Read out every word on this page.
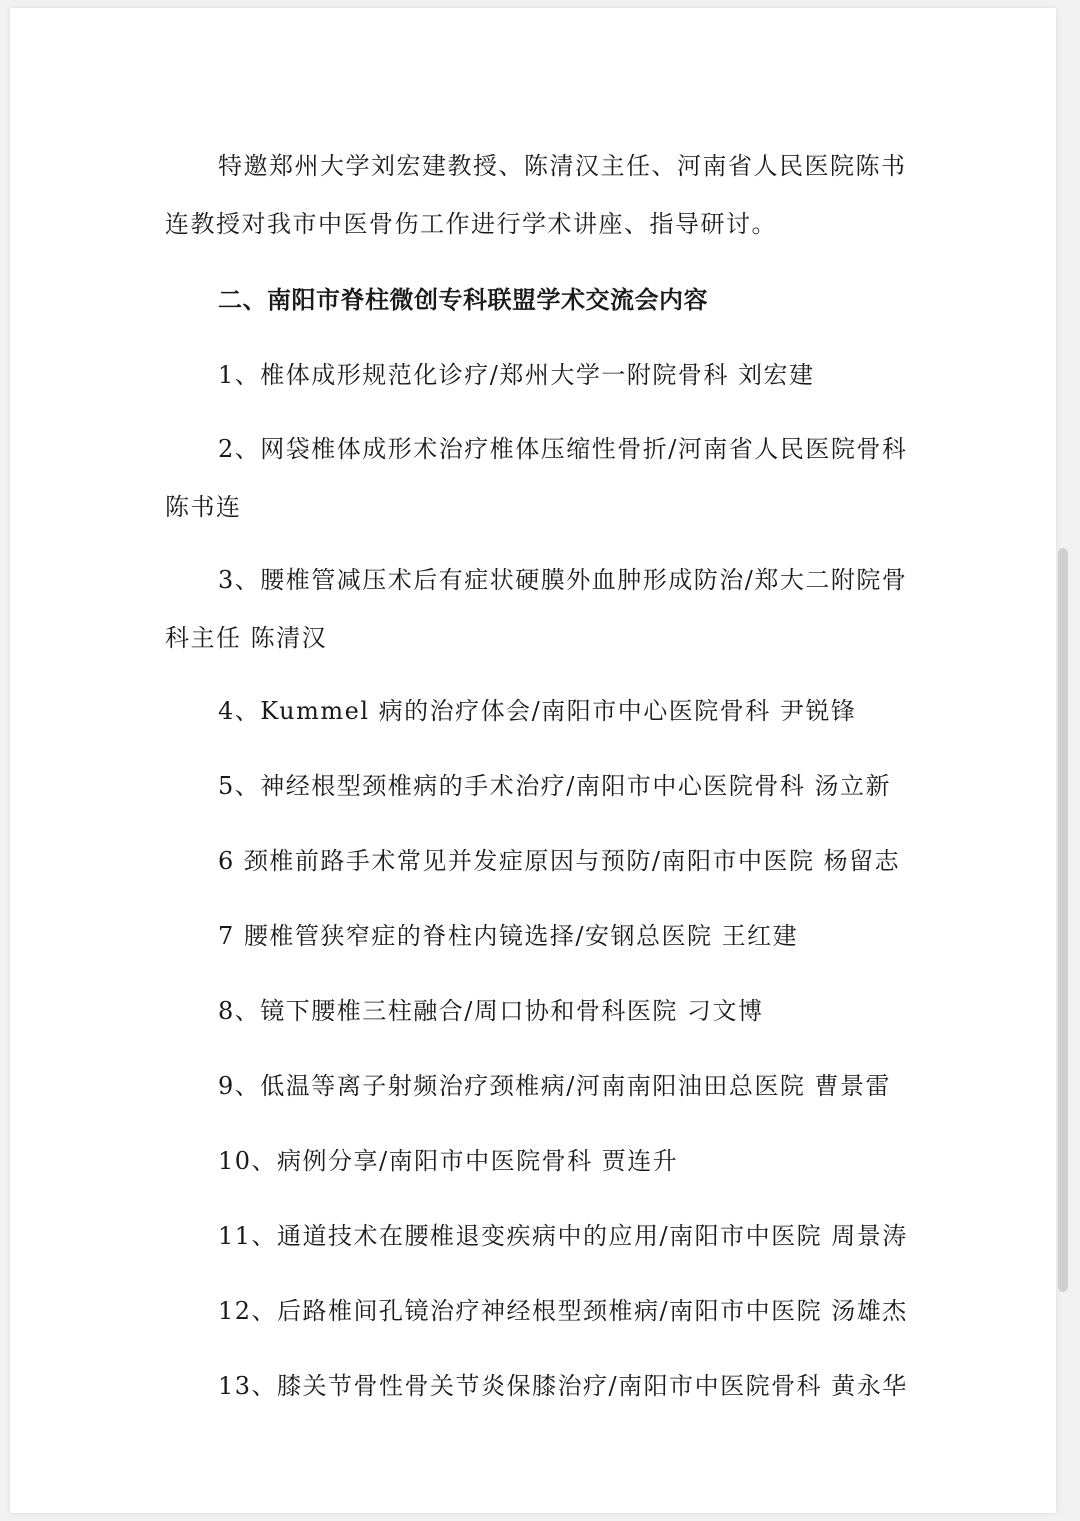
特邀郑州大学刘宏建教授、陈清汉主任、河南省人民医院陈书
连教授对我市中医骨伤工作进行学术讲座、指导研讨。
二、南阳市脊柱微创专科联盟学术交流会内容
1、椎体成形规范化诊疗/郑州大学一附院骨科 刘宏建
2、网袋椎体成形术治疗椎体压缩性骨折/河南省人民医院骨科
陈书连
3、腰椎管减压术后有症状硬膜外血肿形成防治/郑大二附院骨
科主任 陈清汉
4、Kummel 病的治疗体会/南阳市中心医院骨科 尹锐锋
5、神经根型颈椎病的手术治疗/南阳市中心医院骨科 汤立新
6 颈椎前路手术常见并发症原因与预防/南阳市中医院 杨留志
7 腰椎管狭窄症的脊柱内镜选择/安钢总医院 王红建
8、镜下腰椎三柱融合/周口协和骨科医院 刁文博
9、低温等离子射频治疗颈椎病/河南南阳油田总医院 曹景雷
10、病例分享/南阳市中医院骨科 贾连升
11、通道技术在腰椎退变疾病中的应用/南阳市中医院 周景涛
12、后路椎间孔镜治疗神经根型颈椎病/南阳市中医院 汤雄杰
13、膝关节骨性骨关节炎保膝治疗/南阳市中医院骨科 黄永华
